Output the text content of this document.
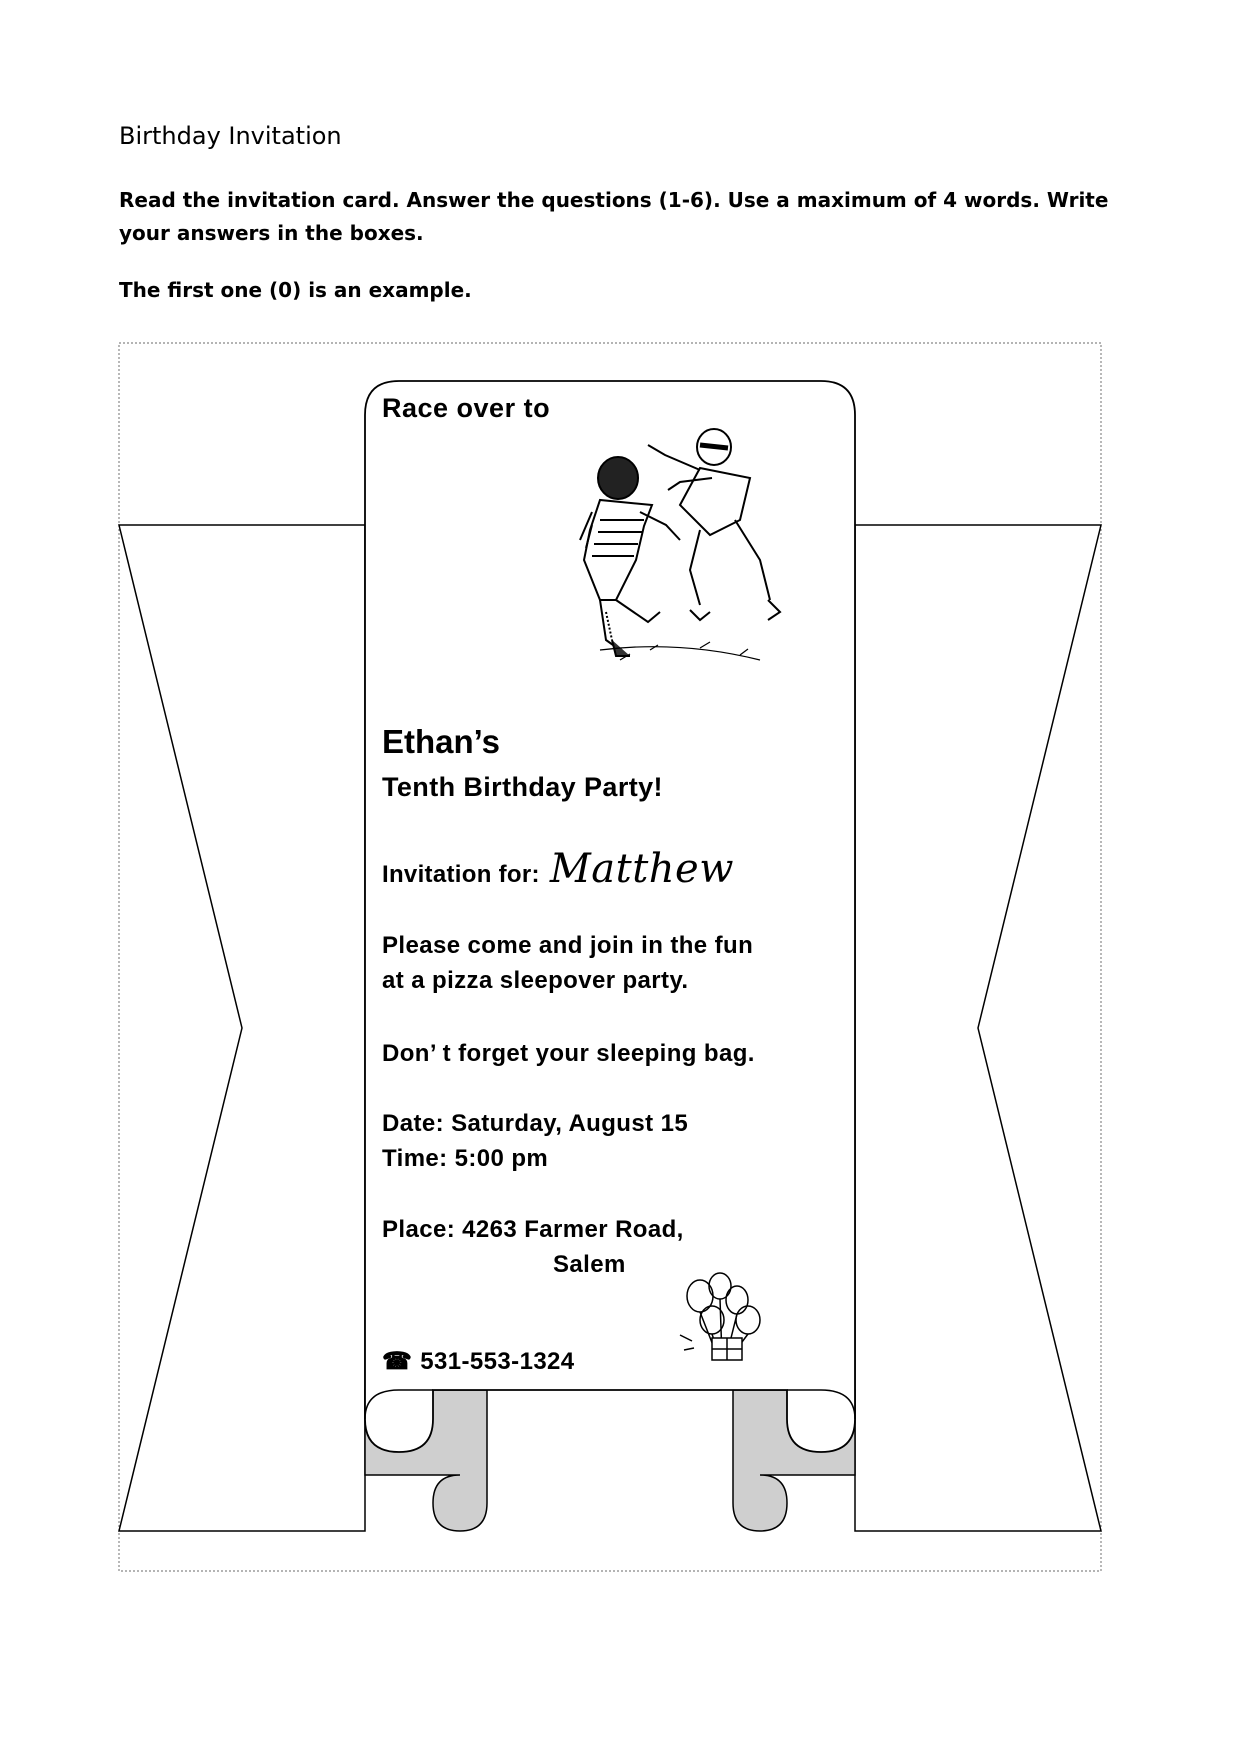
Birthday Invitation

Read the invitation card. Answer the questions (1-6). Use a maximum of 4 words. Write your answers in the boxes.

The first one (0) is an example.

Race over to

Ethan’s

Tenth Birthday Party!

Invitation for: Matthew

Please come and join in the fun

at a pizza sleepover party.

Don’ t forget your sleeping bag.

Date: Saturday, August 15

Time: 5:00 pm

Place: 4263 Farmer Road,

Salem

☎ 531-553-1324
